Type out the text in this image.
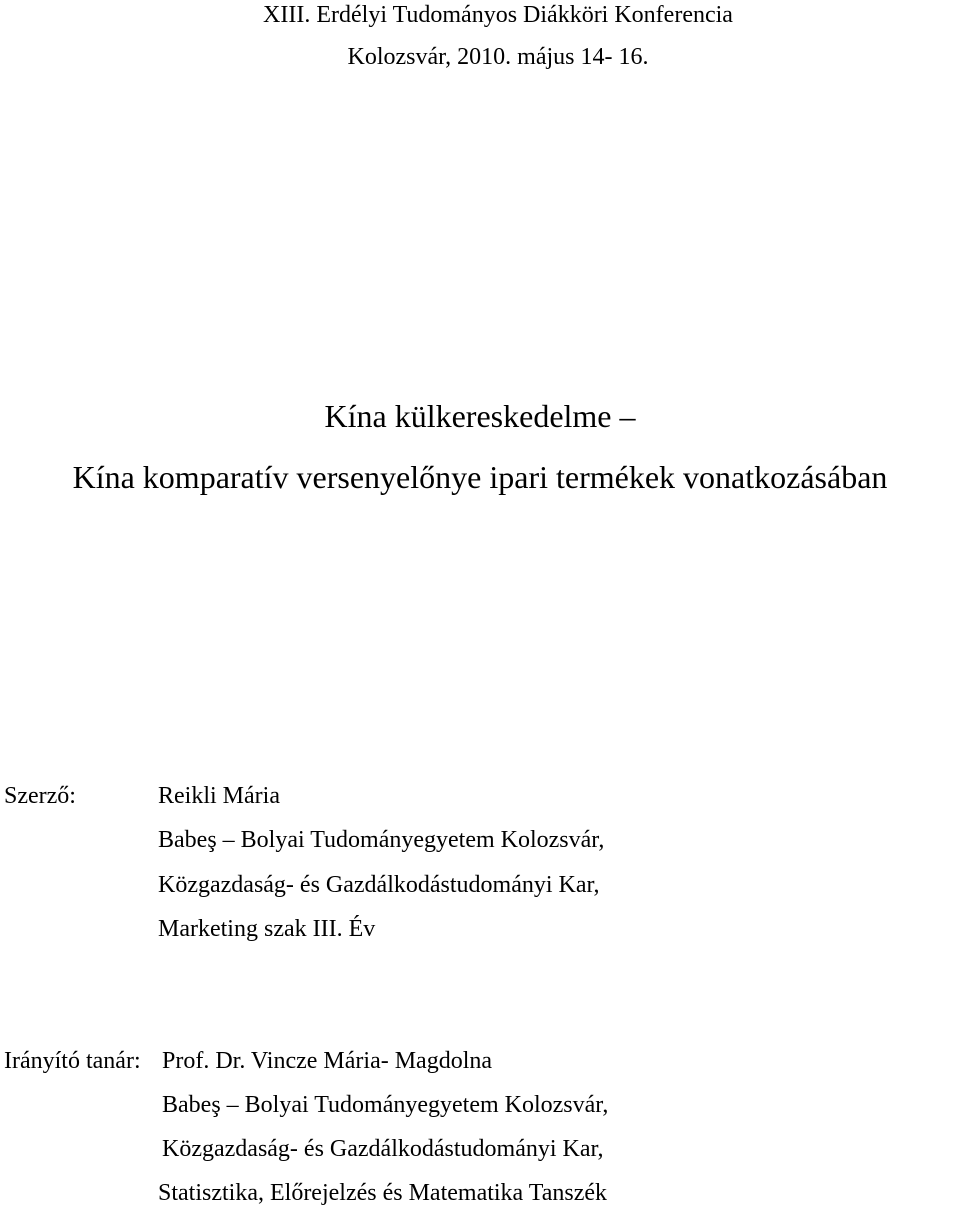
XIII. Erdélyi Tudományos Diákköri Konferencia
Kolozsvár, 2010. május 14- 16.
Kína külkereskedelme –
Kína komparatív versenyelőnye ipari termékek vonatkozásában
Szerző:	Reikli Mária
Babeş – Bolyai Tudományegyetem Kolozsvár,
Közgazdaság- és Gazdálkodástudományi Kar,
Marketing szak III. Év
Irányító tanár: Prof. Dr. Vincze Mária- Magdolna
Babeş – Bolyai Tudományegyetem Kolozsvár,
Közgazdaság- és Gazdálkodástudományi Kar,
Statisztika, Előrejelzés és Matematika Tanszék
